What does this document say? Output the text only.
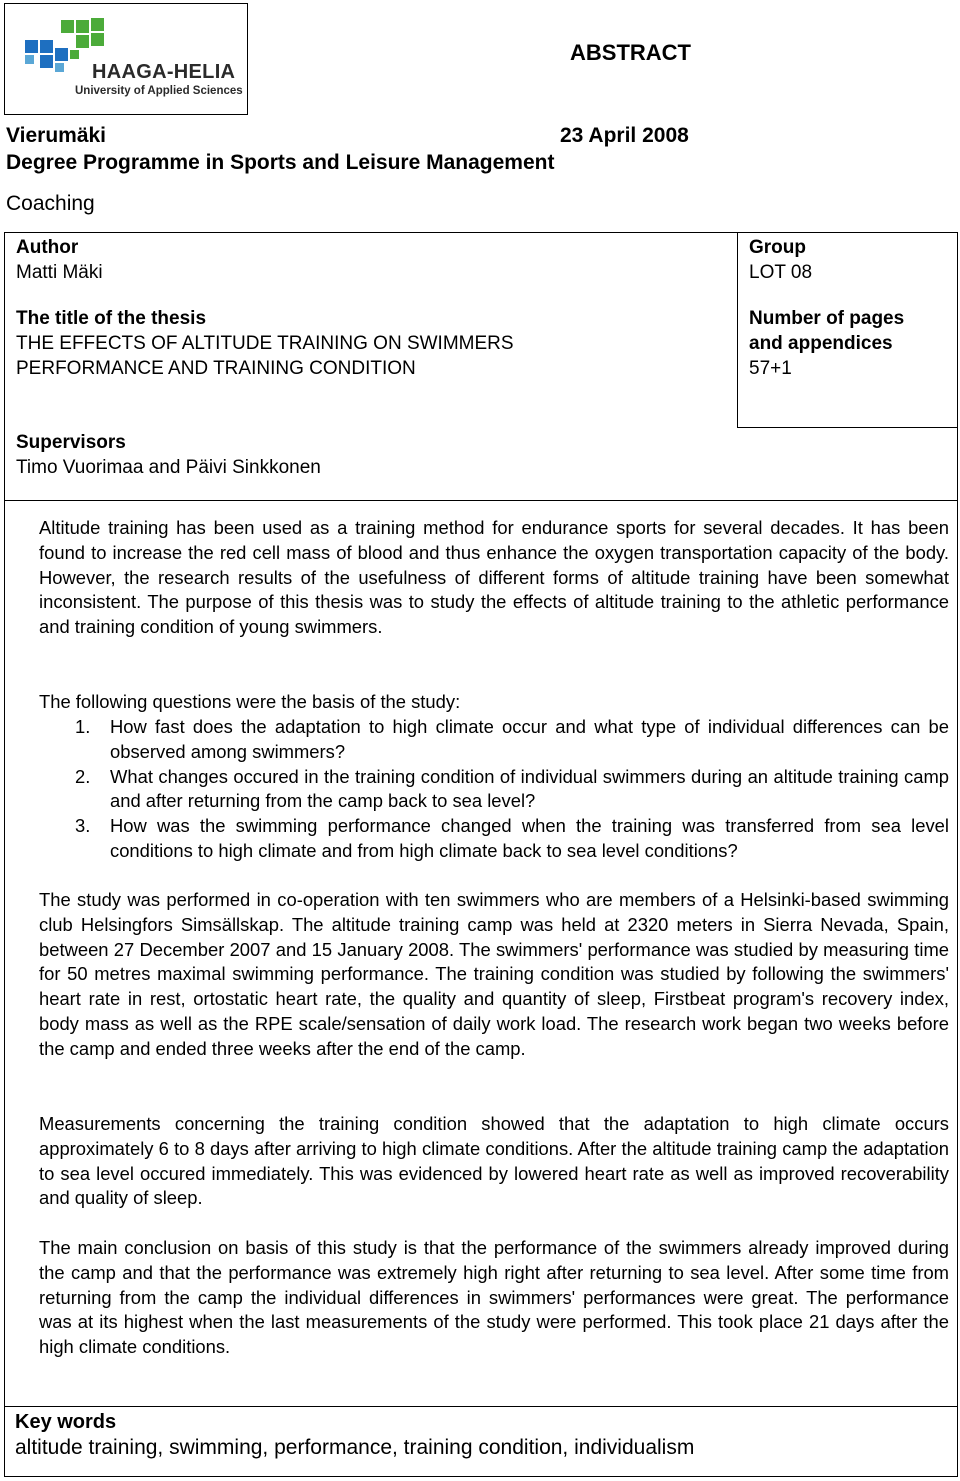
HAAGA-HELIA
University of Applied Sciences
ABSTRACT
Vierumäki	23 April 2008
Degree Programme in Sports and Leisure Management
Coaching
Author
Matti Mäki
Group
LOT 08
The title of the thesis
THE EFFECTS OF ALTITUDE TRAINING ON SWIMMERS
PERFORMANCE AND TRAINING CONDITION
Number of pages
and appendices
57+1
Supervisors
Timo Vuorimaa and Päivi Sinkkonen

Altitude training has been used as a training method for endurance sports for several decades. It has been found to increase the red cell mass of blood and thus enhance the oxygen transportation capacity of the body. However, the research results of the usefulness of different forms of altitude training have been somewhat inconsistent. The purpose of this thesis was to study the effects of altitude training to the athletic performance and training condition of young swimmers.

The following questions were the basis of the study:

1. How fast does the adaptation to high climate occur and what type of individual differences can be observed among swimmers?
2. What changes occured in the training condition of individual swimmers during an altitude training camp and after returning from the camp back to sea level?
3. How was the swimming performance changed when the training was transferred from sea level conditions to high climate and from high climate back to sea level conditions?

The study was performed in co-operation with ten swimmers who are members of a Helsinki-based swimming club Helsingfors Simsällskap. The altitude training camp was held at 2320 meters in Sierra Nevada, Spain, between 27 December 2007 and 15 January 2008. The swimmers' performance was studied by measuring time for 50 metres maximal swimming performance. The training condition was studied by following the swimmers' heart rate in rest, ortostatic heart rate, the quality and quantity of sleep, Firstbeat program's recovery index, body mass as well as the RPE scale/sensation of daily work load. The research work began two weeks before the camp and ended three weeks after the end of the camp.

Measurements concerning the training condition showed that the adaptation to high climate occurs approximately 6 to 8 days after arriving to high climate conditions. After the altitude training camp the adaptation to sea level occured immediately. This was evidenced by lowered heart rate as well as improved recoverability and quality of sleep.

The main conclusion on basis of this study is that the performance of the swimmers already improved during the camp and that the performance was extremely high right after returning to sea level. After some time from returning from the camp the individual differences in swimmers' performances were great. The performance was at its highest when the last measurements of the study were performed. This took place 21 days after the high climate conditions.

Key words
altitude training, swimming, performance, training condition, individualism
